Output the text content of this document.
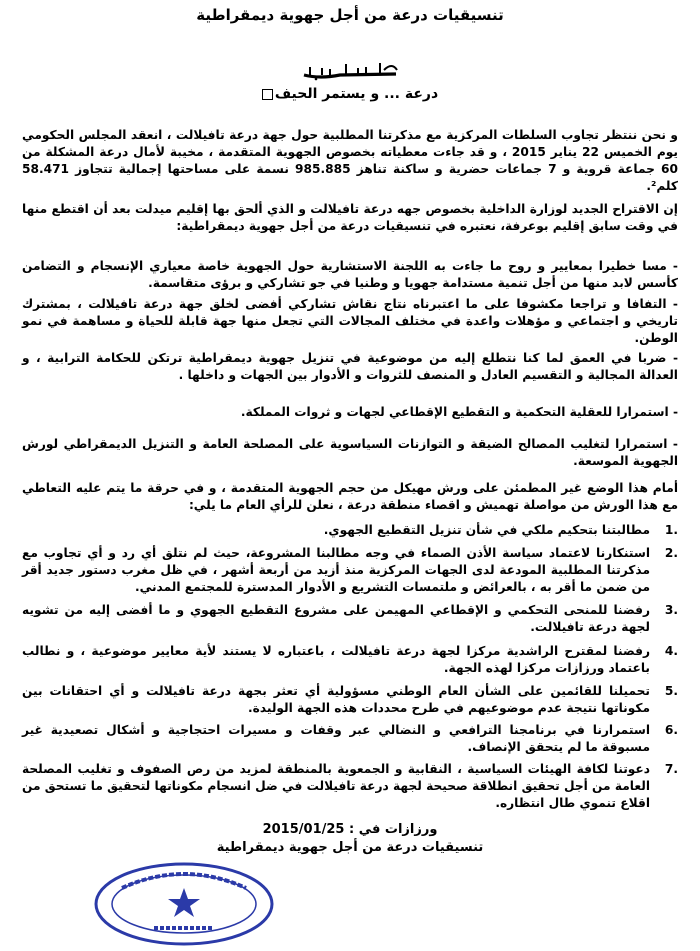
تنسيقيات درعة من أجل جهوية ديمقراطية
درعة ... و يستمر الحيف
و نحن ننتظر تجاوب السلطات المركزية مع مذكرتنا المطلبية حول جهة درعة تافيلالت ، انعقد المجلس الحكومي يوم الخميس 22 يناير 2015 ، و قد جاءت معطياته بخصوص الجهوية المتقدمة ، مخيبة لأمال درعة المشكلة من 60 جماعة قروية و 7 جماعات حضرية و ساكنة تناهز 985.885 نسمة على مساحتها إجمالية تتجاوز 58.471 كلم².
إن الاقتراح الجديد لوزارة الداخلية بخصوص جهه درعة تافيلالت و الذي ألحق بها إقليم ميدلت بعد أن اقتطع منها في وقت سابق إقليم بوعرفة، نعتبره في تنسيقيات درعة من أجل جهوية ديمقراطية:
- مسا خطيرا بمعايير و روح ما جاءت به اللجنة الاستشارية حول الجهوية خاصة معياري الإنسجام و التضامن كأسس لابد منها من أجل تنمية مستدامة جهويا و وطنيا في جو تشاركي و برؤى متقاسمة.
- التفافا و تراجعا مكشوفا على ما اعتبرناه نتاج نقاش تشاركي أفضى لخلق جهة درعة تافيلالت ، بمشترك تاريخي و اجتماعي و مؤهلات واعدة في مختلف المجالات التي تجعل منها جهة قابلة للحياة و مساهمة في نمو الوطن.
- ضربا في العمق لما كنا نتطلع إليه من موضوعية في تنزيل جهوية ديمقراطية ترتكن للحكامة الترابية ، و العدالة المجالية و التقسيم العادل و المنصف للثروات و الأدوار بين الجهات و داخلها .
- استمرارا للعقلية التحكمية و التقطيع الإقطاعي لجهات و ثروات المملكة.
- استمرارا لتغليب المصالح الضيقة و التوازنات السياسوية على المصلحة العامة و التنزيل الديمقراطي لورش الجهوية الموسعة.
أمام هذا الوضع غير المطمئن على ورش مهيكل من حجم الجهوية المتقدمة ، و في حرقة ما يتم عليه التعاطي مع هذا الورش من مواصلة تهميش و اقصاء منطقة درعة ، نعلن للرأي العام ما يلي:
1.
مطالبتنا بتحكيم ملكي في شأن تنزيل التقطيع الجهوي.
2.
استنكارنا لاعتماد سياسة الأذن الصماء في وجه مطالبنا المشروعة، حيث لم نتلق أي رد و أي تجاوب مع مذكرتنا المطلبية المودعة لدى الجهات المركزية منذ أزيد من أربعة أشهر ، في ظل مغرب دستور جديد أقر من ضمن ما أقر به ، بالعرائض و ملتمسات التشريع و الأدوار المدسترة للمجتمع المدني.
3.
رفضنا للمنحى التحكمي و الإقطاعي المهيمن على مشروع التقطيع الجهوي و ما أفضى إليه من تشويه لجهة درعة تافيلالت.
4.
رفضنا لمقترح الراشدية مركزا لجهة درعة تافيلالت ، باعتباره لا يستند لأية معايير موضوعية ، و نطالب باعتماد ورزازات مركزا لهذه الجهة.
5.
تحميلنا للقائمين على الشأن العام الوطني مسؤولية أي تعثر بجهة درعة تافيلالت و أي احتقانات بين مكوناتها نتيجة عدم موضوعيهم في طرح محددات هذه الجهة الوليدة.
6.
استمرارنا في برنامجنا الترافعي و النضالي عبر وقفات و مسيرات احتجاجية و أشكال تصعيدية غير مسبوقة ما لم يتحقق الإنصاف.
7.
دعوتنا لكافة الهيئات السياسية ، النقابية و الجمعوية بالمنطقة لمزيد من رص الصفوف و تغليب المصلحة العامة من أجل تحقيق انطلاقة صحيحة لجهة درعة تافيلالت في ضل انسجام مكوناتها لتحقيق ما تستحق من اقلاع تنموي طال انتظاره.
ورزازات في : 2015/01/25
تنسيقيات درعة من أجل جهوية ديمقراطية
